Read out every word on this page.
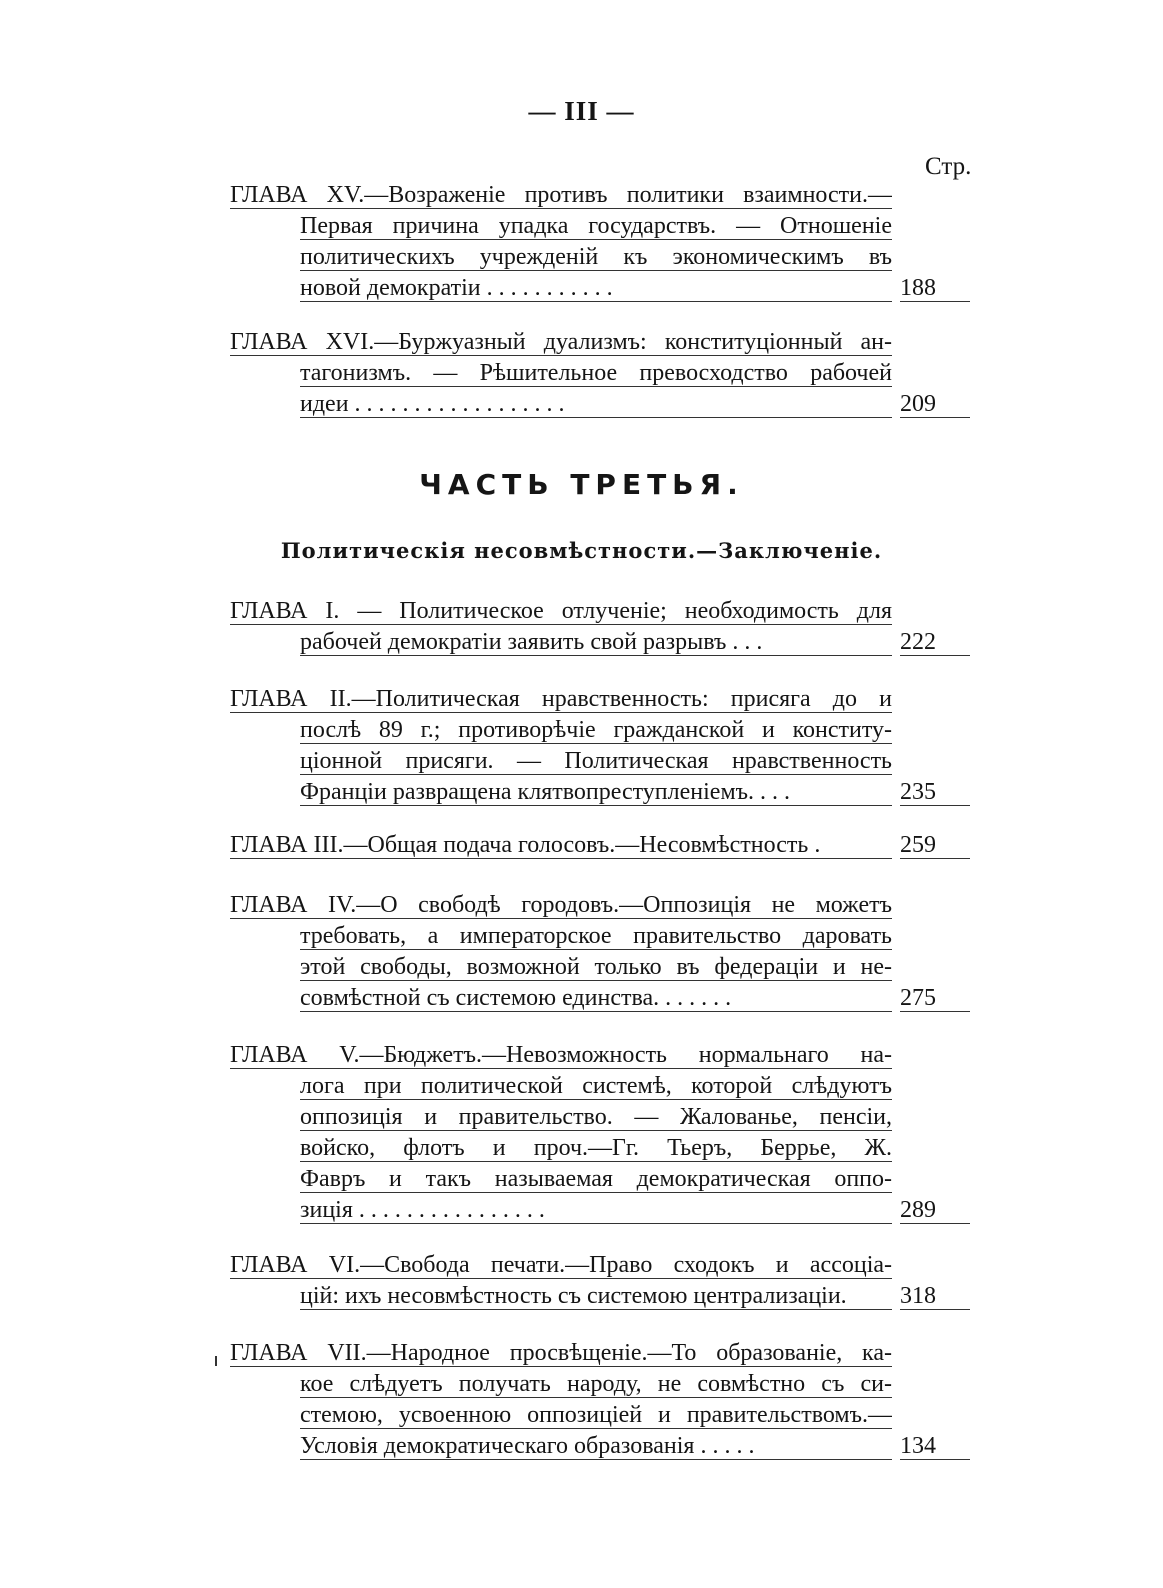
— III —
Стр.
ЧАСТЬ ТРЕТЬЯ.
Политическія несовмѣстности.—Заключеніе.
ГЛАВА XV.—Возраженіе противъ политики взаимности.—
Первая причина упадка государствъ. — Отношеніе
политическихъ учрежденій къ экономическимъ въ
новой демократіи . . . . . . . . . . .	188
ГЛАВА XVI.—Буржуазный дуализмъ: конституціонный ан-
тагонизмъ. — Рѣшительное превосходство рабочей
идеи . . . . . . . . . . . . . . . . . .	209
ГЛАВА I. — Политическое отлученіе; необходимость для
рабочей демократіи заявить свой разрывъ . . .	222
ГЛАВА II.—Политическая нравственность: присяга до и
послѣ 89 г.; противорѣчіе гражданской и конститу-
ціонной присяги. — Политическая нравственность
Франціи развращена клятвопреступленіемъ. . . .	235
ГЛАВА III.—Общая подача голосовъ.—Несовмѣстность .	259
ГЛАВА IV.—О свободѣ городовъ.—Оппозиція не можетъ
требовать, а императорское правительство даровать
этой свободы, возможной только въ федераціи и не-
совмѣстной съ системою единства. . . . . . .	275
ГЛАВА V.—Бюджетъ.—Невозможность нормальнаго на-
лога при политической системѣ, которой слѣдуютъ
оппозиція и правительство. — Жалованье, пенсіи,
войско, флотъ и проч.—Гг. Тьеръ, Беррье, Ж.
Фавръ и такъ называемая демократическая оппо-
зиція . . . . . . . . . . . . . . . .	289
ГЛАВА VI.—Свобода печати.—Право сходокъ и ассоціа-
цій: ихъ несовмѣстность съ системою централизаціи.	318
ГЛАВА VII.—Народное просвѣщеніе.—То образованіе, ка-
кое слѣдуетъ получать народу, не совмѣстно съ си-
стемою, усвоенною оппозиціей и правительствомъ.—
Условія демократическаго образованія . . . . .	134
